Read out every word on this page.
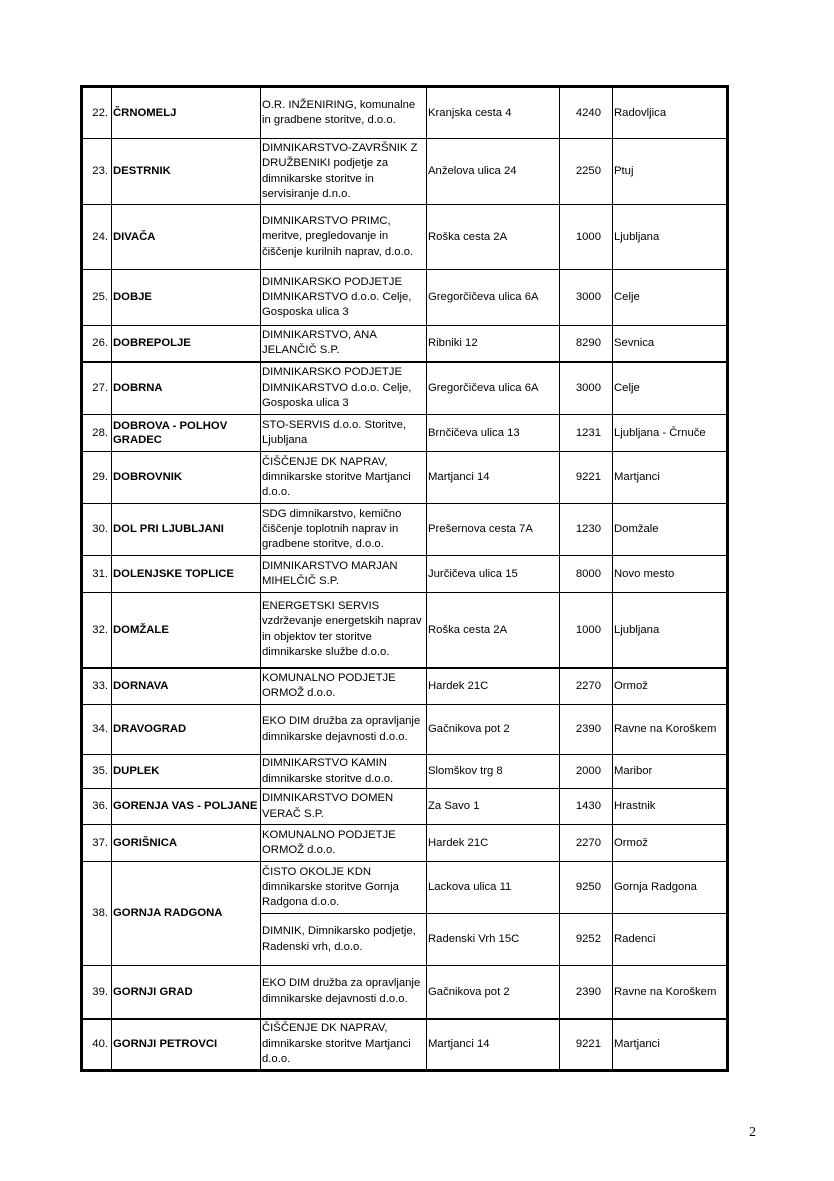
22.	ČRNOMELJ	O.R. INŽENIRING, komunalne in gradbene storitve, d.o.o.	Kranjska cesta 4	4240	Radovljica
23.	DESTRNIK	DIMNIKARSTVO-ZAVRŠNIK Z DRUŽBENIKI podjetje za dimnikarske storitve in servisiranje d.n.o.	Anželova ulica 24	2250	Ptuj
24.	DIVAČA	DIMNIKARSTVO PRIMC, meritve, pregledovanje in čiščenje kurilnih naprav, d.o.o.	Roška cesta 2A	1000	Ljubljana
25.	DOBJE	DIMNIKARSKO PODJETJE DIMNIKARSTVO d.o.o. Celje, Gosposka ulica 3	Gregorčičeva ulica 6A	3000	Celje
26.	DOBREPOLJE	DIMNIKARSTVO, ANA JELANČIČ S.P.	Ribniki 12	8290	Sevnica
27.	DOBRNA	DIMNIKARSKO PODJETJE DIMNIKARSTVO d.o.o. Celje, Gosposka ulica 3	Gregorčičeva ulica 6A	3000	Celje
28.	DOBROVA - POLHOV GRADEC	STO-SERVIS d.o.o. Storitve, Ljubljana	Brnčičeva ulica 13	1231	Ljubljana - Črnuče
29.	DOBROVNIK	ČIŠČENJE DK NAPRAV, dimnikarske storitve Martjanci d.o.o.	Martjanci 14	9221	Martjanci
30.	DOL PRI LJUBLJANI	SDG dimnikarstvo, kemično čiščenje toplotnih naprav in gradbene storitve, d.o.o.	Prešernova cesta 7A	1230	Domžale
31.	DOLENJSKE TOPLICE	DIMNIKARSTVO MARJAN MIHELČIČ S.P.	Jurčičeva ulica 15	8000	Novo mesto
32.	DOMŽALE	ENERGETSKI SERVIS vzdrževanje energetskih naprav in objektov ter storitve dimnikarske službe d.o.o.	Roška cesta 2A	1000	Ljubljana
33.	DORNAVA	KOMUNALNO PODJETJE ORMOŽ d.o.o.	Hardek 21C	2270	Ormož
34.	DRAVOGRAD	EKO DIM družba za opravljanje dimnikarske dejavnosti d.o.o.	Gačnikova pot 2	2390	Ravne na Koroškem
35.	DUPLEK	DIMNIKARSTVO KAMIN dimnikarske storitve d.o.o.	Slomškov trg 8	2000	Maribor
36.	GORENJA VAS - POLJANE	DIMNIKARSTVO DOMEN VERAČ S.P.	Za Savo 1	1430	Hrastnik
37.	GORIŠNICA	KOMUNALNO PODJETJE ORMOŽ d.o.o.	Hardek 21C	2270	Ormož
38.	GORNJA RADGONA	ČISTO OKOLJE KDN dimnikarske storitve Gornja Radgona d.o.o.	Lackova ulica 11	9250	Gornja Radgona
		DIMNIK, Dimnikarsko podjetje, Radenski vrh, d.o.o.	Radenski Vrh 15C	9252	Radenci
39.	GORNJI GRAD	EKO DIM družba za opravljanje dimnikarske dejavnosti d.o.o.	Gačnikova pot 2	2390	Ravne na Koroškem
40.	GORNJI PETROVCI	ČIŠČENJE DK NAPRAV, dimnikarske storitve Martjanci d.o.o.	Martjanci 14	9221	Martjanci
2
